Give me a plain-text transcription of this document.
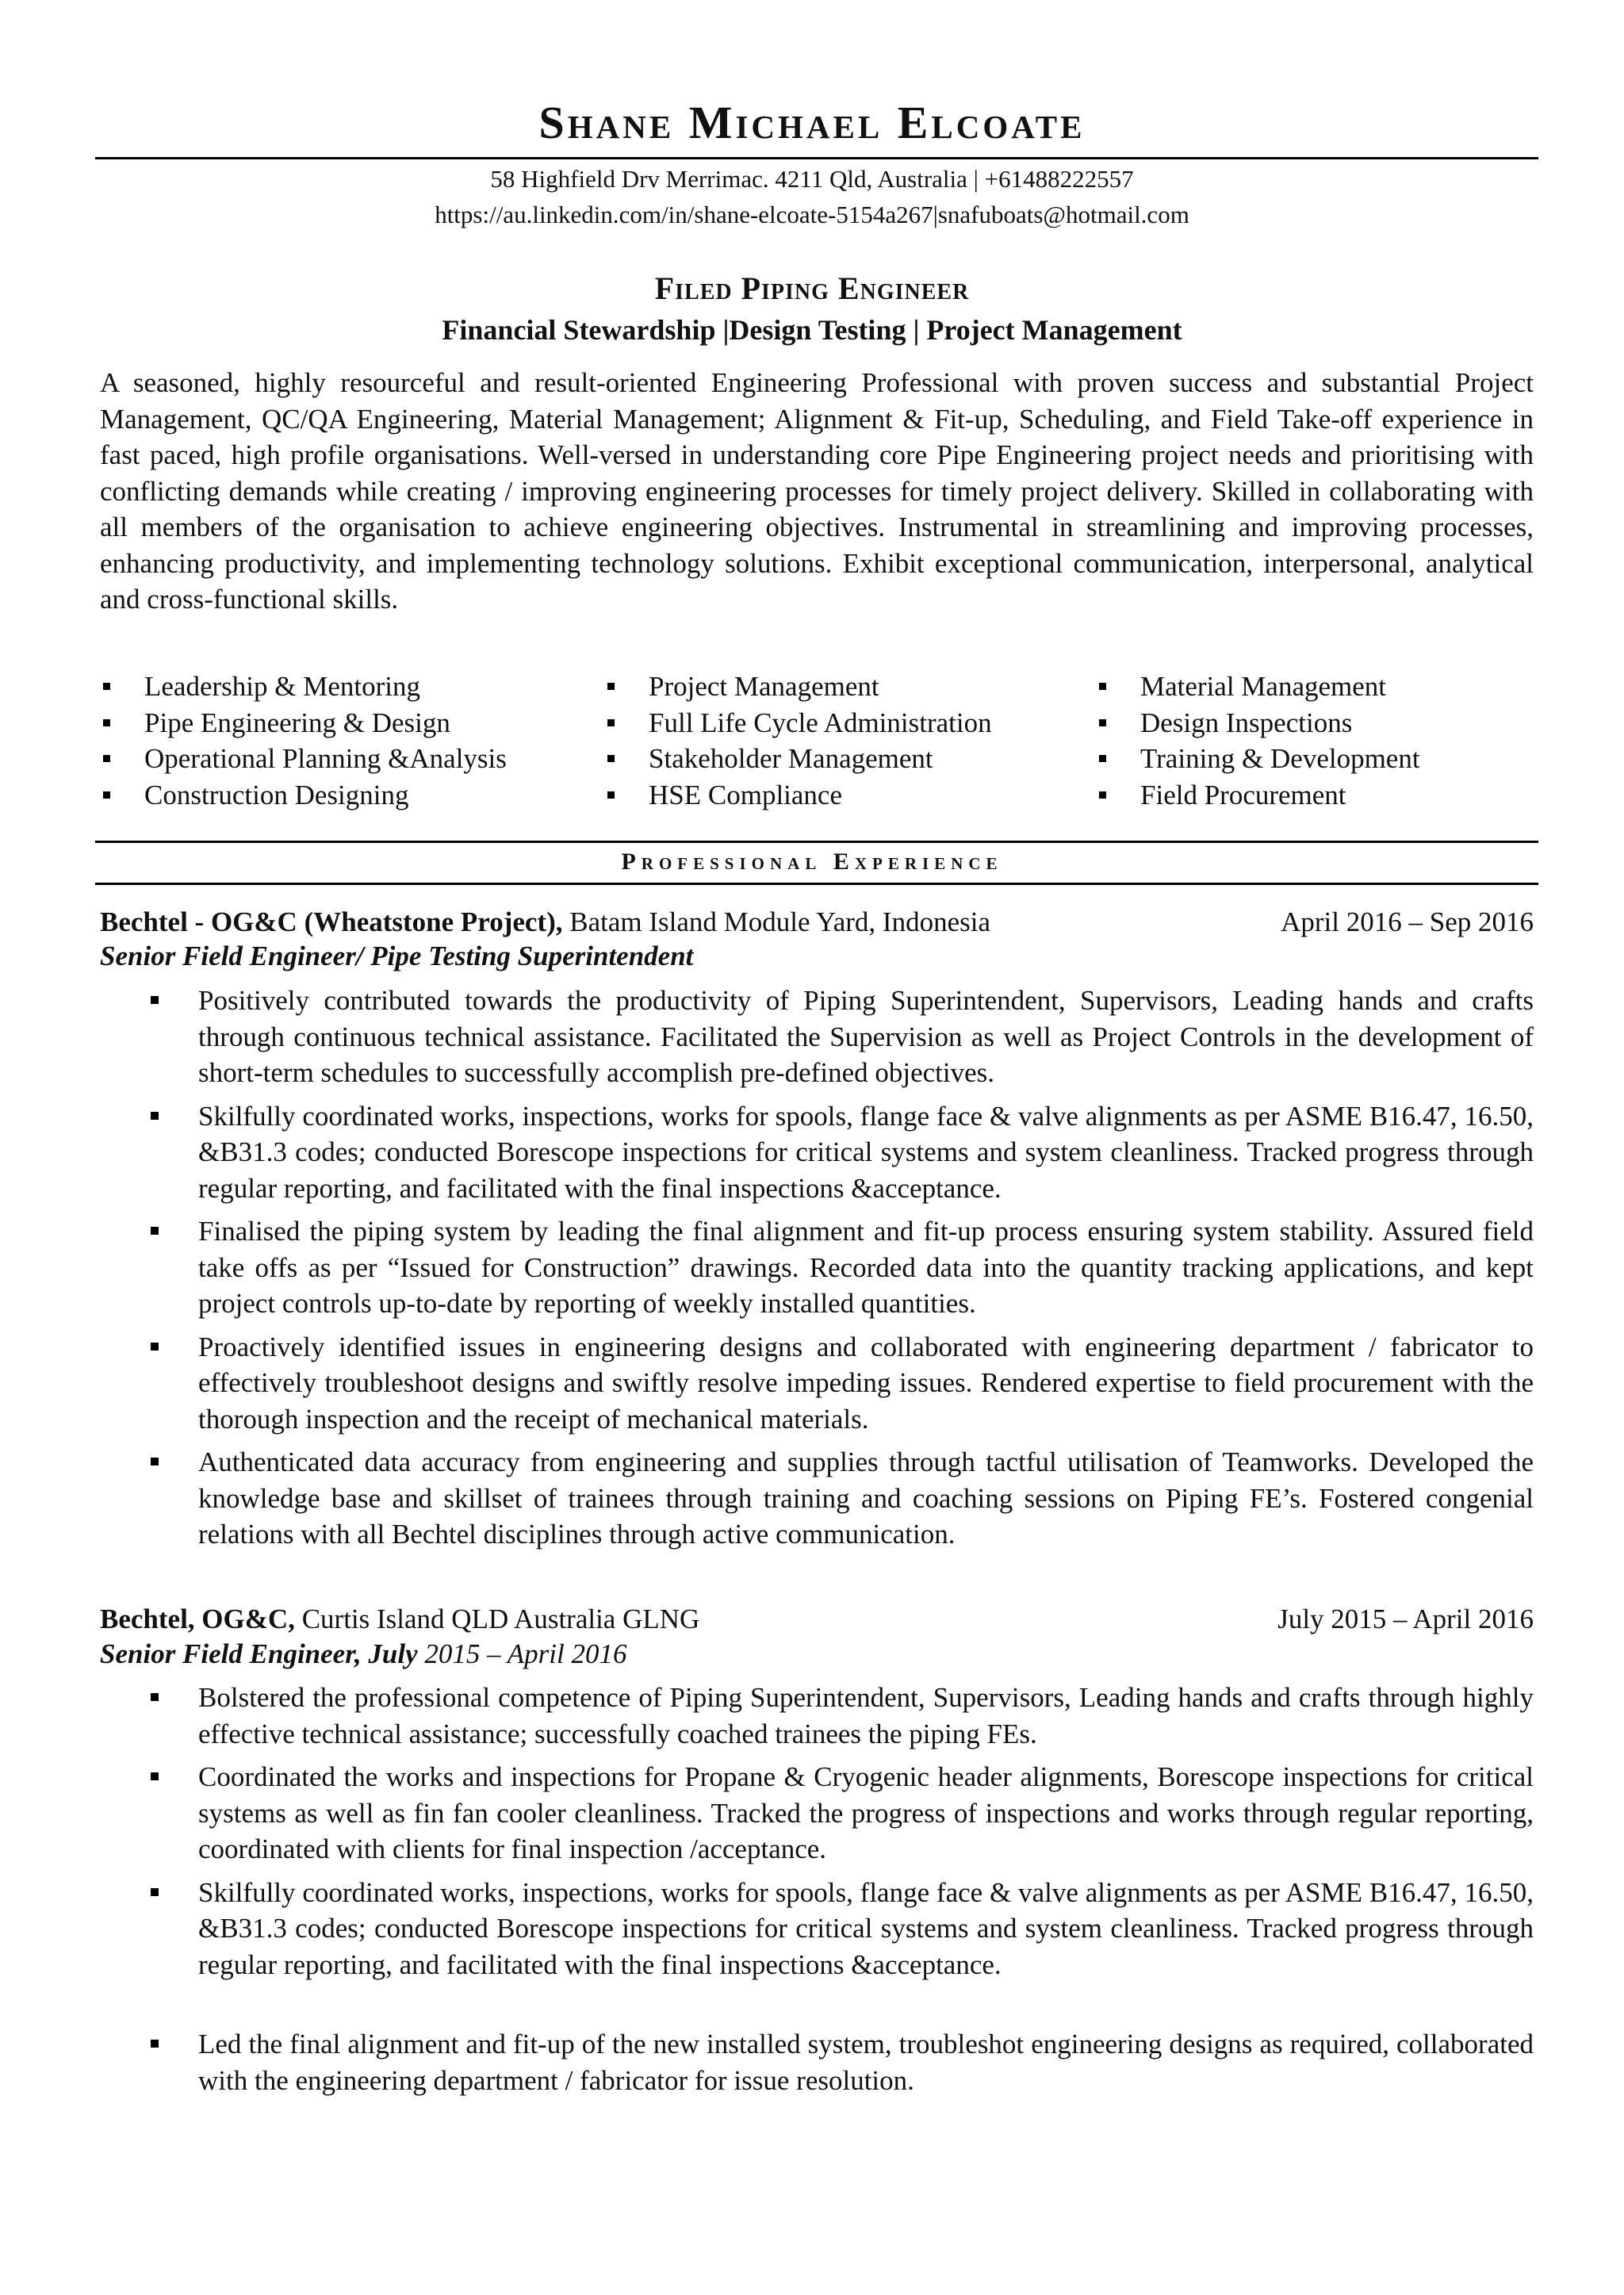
Shane Michael Elcoate
58 Highfield Drv Merrimac. 4211 Qld, Australia | +61488222557
https://au.linkedin.com/in/shane-elcoate-5154a267|snafuboats@hotmail.com
Filed Piping Engineer
Financial Stewardship |Design Testing | Project Management
A seasoned, highly resourceful and result-oriented Engineering Professional with proven success and substantial Project Management, QC/QA Engineering, Material Management; Alignment & Fit-up, Scheduling, and Field Take-off experience in fast paced, high profile organisations. Well-versed in understanding core Pipe Engineering project needs and prioritising with conflicting demands while creating / improving engineering processes for timely project delivery. Skilled in collaborating with all members of the organisation to achieve engineering objectives. Instrumental in streamlining and improving processes, enhancing productivity, and implementing technology solutions. Exhibit exceptional communication, interpersonal, analytical and cross-functional skills.
Leadership & Mentoring
Pipe Engineering & Design
Operational Planning &Analysis
Construction Designing
Project Management
Full Life Cycle Administration
Stakeholder Management
HSE Compliance
Material Management
Design Inspections
Training & Development
Field Procurement
Professional Experience
Bechtel - OG&C (Wheatstone Project), Batam Island Module Yard, Indonesia	April 2016 – Sep 2016
Senior Field Engineer/ Pipe Testing Superintendent
Positively contributed towards the productivity of Piping Superintendent, Supervisors, Leading hands and crafts through continuous technical assistance. Facilitated the Supervision as well as Project Controls in the development of short-term schedules to successfully accomplish pre-defined objectives.
Skilfully coordinated works, inspections, works for spools, flange face & valve alignments as per ASME B16.47, 16.50, &B31.3 codes; conducted Borescope inspections for critical systems and system cleanliness. Tracked progress through regular reporting, and facilitated with the final inspections &acceptance.
Finalised the piping system by leading the final alignment and fit-up process ensuring system stability. Assured field take offs as per “Issued for Construction” drawings. Recorded data into the quantity tracking applications, and kept project controls up-to-date by reporting of weekly installed quantities.
Proactively identified issues in engineering designs and collaborated with engineering department / fabricator to effectively troubleshoot designs and swiftly resolve impeding issues. Rendered expertise to field procurement with the thorough inspection and the receipt of mechanical materials.
Authenticated data accuracy from engineering and supplies through tactful utilisation of Teamworks. Developed the knowledge base and skillset of trainees through training and coaching sessions on Piping FE’s. Fostered congenial relations with all Bechtel disciplines through active communication.
Bechtel, OG&C, Curtis Island QLD Australia GLNG	July 2015 – April 2016
Senior Field Engineer, July 2015 – April 2016
Bolstered the professional competence of Piping Superintendent, Supervisors, Leading hands and crafts through highly effective technical assistance; successfully coached trainees the piping FEs.
Coordinated the works and inspections for Propane & Cryogenic header alignments, Borescope inspections for critical systems as well as fin fan cooler cleanliness. Tracked the progress of inspections and works through regular reporting, coordinated with clients for final inspection /acceptance.
Skilfully coordinated works, inspections, works for spools, flange face & valve alignments as per ASME B16.47, 16.50, &B31.3 codes; conducted Borescope inspections for critical systems and system cleanliness. Tracked progress through regular reporting, and facilitated with the final inspections &acceptance.
Led the final alignment and fit-up of the new installed system, troubleshot engineering designs as required, collaborated with the engineering department / fabricator for issue resolution.
